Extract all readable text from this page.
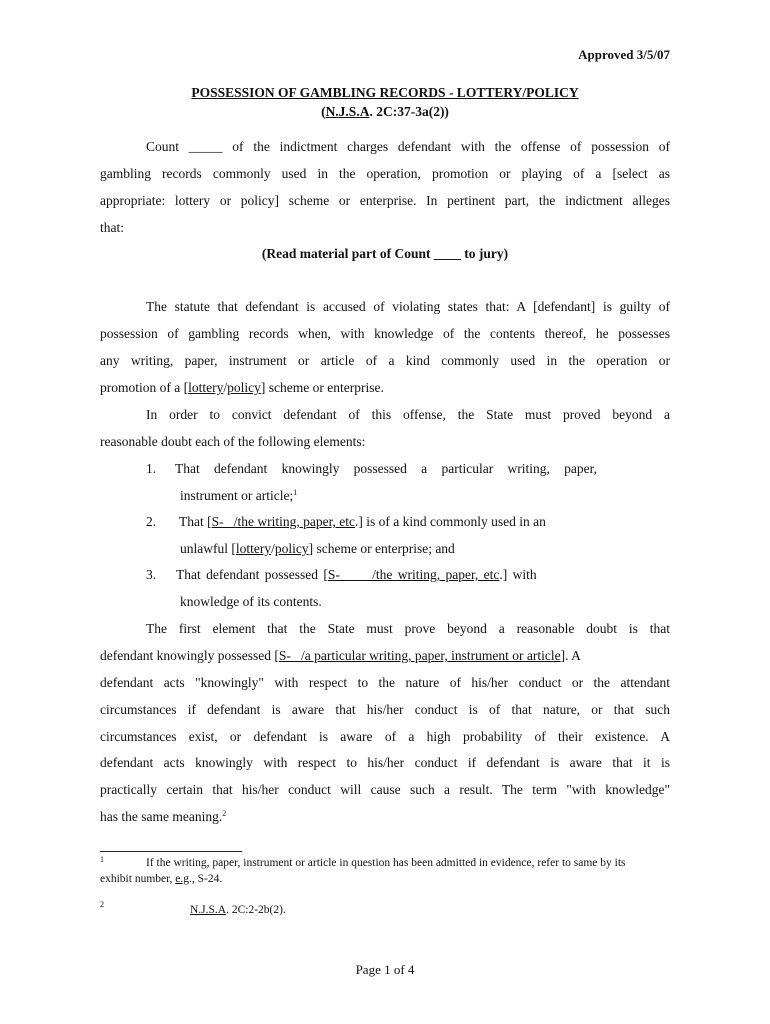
Approved 3/5/07
POSSESSION OF GAMBLING RECORDS - LOTTERY/POLICY
(N.J.S.A. 2C:37-3a(2))
Count _____ of the indictment charges defendant with the offense of possession of
gambling records commonly used in the operation, promotion or playing of a [select as
appropriate: lottery or policy] scheme or enterprise. In pertinent part, the indictment alleges
that:
(Read material part of Count ____ to jury)
The statute that defendant is accused of violating states that: A [defendant] is guilty of
possession of gambling records when, with knowledge of the contents thereof, he possesses
any writing, paper, instrument or article of a kind commonly used in the operation or
promotion of a [lottery/policy] scheme or enterprise.
In order to convict defendant of this offense, the State must proved beyond a
reasonable doubt each of the following elements:
1.	That defendant knowingly possessed a particular writing, paper,
instrument or article;$^1$
2.	That [S-   /the writing, paper, etc.] is of a kind commonly used in an
unlawful [lottery/policy] scheme or enterprise; and
3.	That defendant possessed [S-      /the writing, paper, etc.] with
knowledge of its contents.
The first element that the State must prove beyond a reasonable doubt is that
defendant knowingly possessed [S-   /a particular writing, paper, instrument or article]. A
defendant acts "knowingly" with respect to the nature of his/her conduct or the attendant
circumstances if defendant is aware that his/her conduct is of that nature, or that such
circumstances exist, or defendant is aware of a high probability of their existence. A
defendant acts knowingly with respect to his/her conduct if defendant is aware that it is
practically certain that his/her conduct will cause such a result. The term "with knowledge"
has the same meaning.$^2$
1	If the writing, paper, instrument or article in question has been admitted in evidence, refer to same by its
exhibit number, e.g., S-24.
2	N.J.S.A. 2C:2-2b(2).
Page 1 of 4
